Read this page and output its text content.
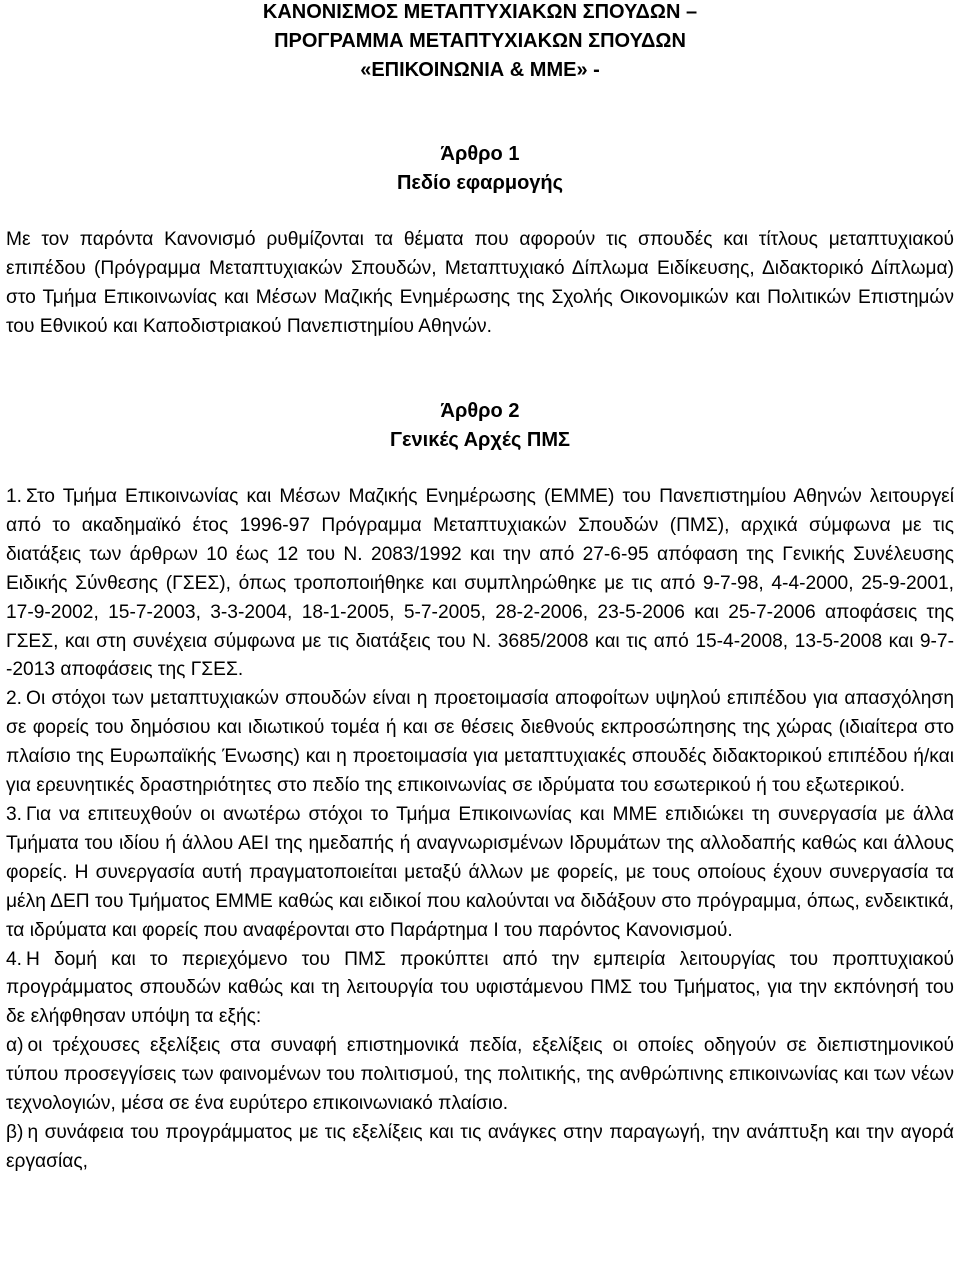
ΚΑΝΟΝΙΣΜΟΣ ΜΕΤΑΠΤΥΧΙΑΚΩΝ ΣΠΟΥΔΩΝ –
ΠΡΟΓΡΑΜΜΑ ΜΕΤΑΠΤΥΧΙΑΚΩΝ ΣΠΟΥΔΩΝ
«ΕΠΙΚΟΙΝΩΝΙΑ & ΜΜΕ» -
Άρθρο 1
Πεδίο εφαρμογής

Με τον παρόντα Κανονισμό ρυθμίζονται τα θέματα που αφορούν τις σπουδές και τίτλους μεταπτυχιακού επιπέδου (Πρόγραμμα Μεταπτυχιακών Σπουδών, Μεταπτυχιακό Δίπλωμα Ειδίκευσης, Διδακτορικό Δίπλωμα) στο Τμήμα Επικοινωνίας και Μέσων Μαζικής Ενημέρωσης της Σχολής Οικονομικών και Πολιτικών Επιστημών του Εθνικού και Καποδιστριακού Πανεπιστημίου Αθηνών.

Άρθρο 2
Γενικές Αρχές ΠΜΣ

1. Στο Τμήμα Επικοινωνίας και Μέσων Μαζικής Ενημέρωσης (ΕΜΜΕ) του Πανεπιστημίου Αθηνών λειτουργεί από το ακαδημαϊκό έτος 1996-97 Πρόγραμμα Μεταπτυχιακών Σπουδών (ΠΜΣ), αρχικά σύμφωνα με τις διατάξεις των άρθρων 10 έως 12 του Ν. 2083/1992 και την από 27-6-95 απόφαση της Γενικής Συνέλευσης Ειδικής Σύνθεσης (ΓΣΕΣ), όπως τροποποιήθηκε και συμπληρώθηκε με τις από 9-7-98, 4-4-2000, 25-9-2001, 17-9-2002, 15-7-2003, 3-3-2004, 18-1-2005, 5-7-2005, 28-2-2006, 23-5-2006 και 25-7-2006 αποφάσεις της ΓΣΕΣ, και στη συνέχεια σύμφωνα με τις διατάξεις του Ν. 3685/2008 και τις από 15-4-2008, 13-5-2008 και 9-7--2013 αποφάσεις της ΓΣΕΣ.

2. Οι στόχοι των μεταπτυχιακών σπουδών είναι η προετοιμασία αποφοίτων υψηλού επιπέδου για απασχόληση σε φορείς του δημόσιου και ιδιωτικού τομέα ή και σε θέσεις διεθνούς εκπροσώπησης της χώρας (ιδιαίτερα στο πλαίσιο της Ευρωπαϊκής Ένωσης) και η προετοιμασία για μεταπτυχιακές σπουδές διδακτορικού επιπέδου ή/και για ερευνητικές δραστηριότητες στο πεδίο της επικοινωνίας σε ιδρύματα του εσωτερικού ή του εξωτερικού.

3. Για να επιτευχθούν οι ανωτέρω στόχοι το Τμήμα Επικοινωνίας και ΜΜΕ επιδιώκει τη συνεργασία με άλλα Τμήματα του ιδίου ή άλλου ΑΕΙ της ημεδαπής ή αναγνωρισμένων Ιδρυμάτων της αλλοδαπής καθώς και άλλους φορείς. Η συνεργασία αυτή πραγματοποιείται μεταξύ άλλων με φορείς, με τους οποίους έχουν συνεργασία τα μέλη ΔΕΠ του Τμήματος ΕΜΜΕ καθώς και ειδικοί που καλούνται να διδάξουν στο πρόγραμμα, όπως, ενδεικτικά, τα ιδρύματα και φορείς που αναφέρονται στο Παράρτημα Ι του παρόντος Κανονισμού.

4. Η δομή και το περιεχόμενο του ΠΜΣ προκύπτει από την εμπειρία λειτουργίας του προπτυχιακού προγράμματος σπουδών καθώς και τη λειτουργία του υφιστάμενου ΠΜΣ του Τμήματος, για την εκπόνησή του δε ελήφθησαν υπόψη τα εξής:

α) οι τρέχουσες εξελίξεις στα συναφή επιστημονικά πεδία, εξελίξεις οι οποίες οδηγούν σε διεπιστημονικού τύπου προσεγγίσεις των φαινομένων του πολιτισμού, της πολιτικής, της ανθρώπινης επικοινωνίας και των νέων τεχνολογιών, μέσα σε ένα ευρύτερο επικοινωνιακό πλαίσιο.

β) η συνάφεια του προγράμματος με τις εξελίξεις και τις ανάγκες στην παραγωγή, την ανάπτυξη και την αγορά εργασίας,
